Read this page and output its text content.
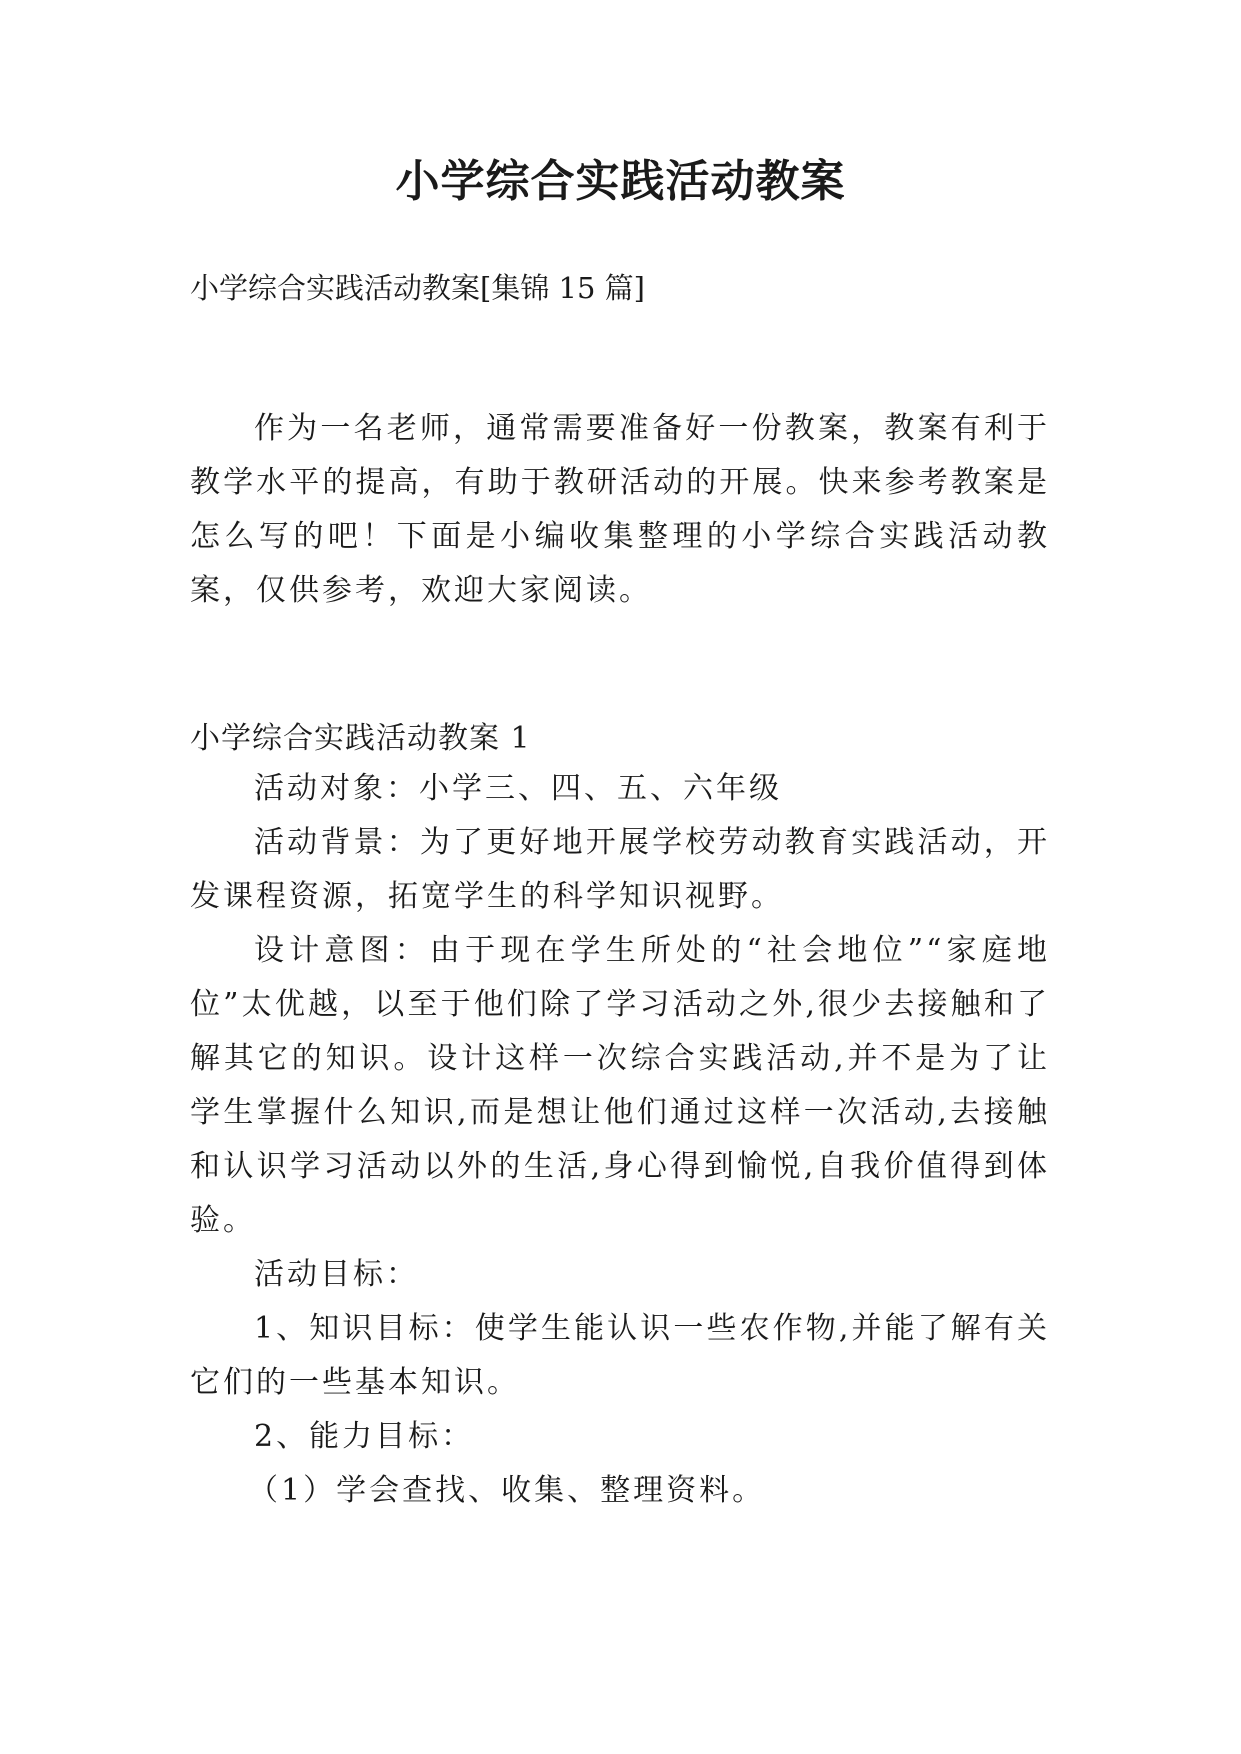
小学综合实践活动教案
小学综合实践活动教案[集锦 15 篇]

作为一名老师，通常需要准备好一份教案，教案有利于教学水平的提高，有助于教研活动的开展。快来参考教案是怎么写的吧！下面是小编收集整理的小学综合实践活动教案，仅供参考，欢迎大家阅读。

小学综合实践活动教案 1

活动对象：小学三、四、五、六年级

活动背景：为了更好地开展学校劳动教育实践活动，开发课程资源，拓宽学生的科学知识视野。

设计意图：由于现在学生所处的“社会地位”“家庭地位”太优越，以至于他们除了学习活动之外,很少去接触和了解其它的知识。设计这样一次综合实践活动,并不是为了让学生掌握什么知识,而是想让他们通过这样一次活动,去接触和认识学习活动以外的生活,身心得到愉悦,自我价值得到体验。

活动目标：

1、知识目标：使学生能认识一些农作物,并能了解有关它们的一些基本知识。

2、能力目标：

（1）学会查找、收集、整理资料。
